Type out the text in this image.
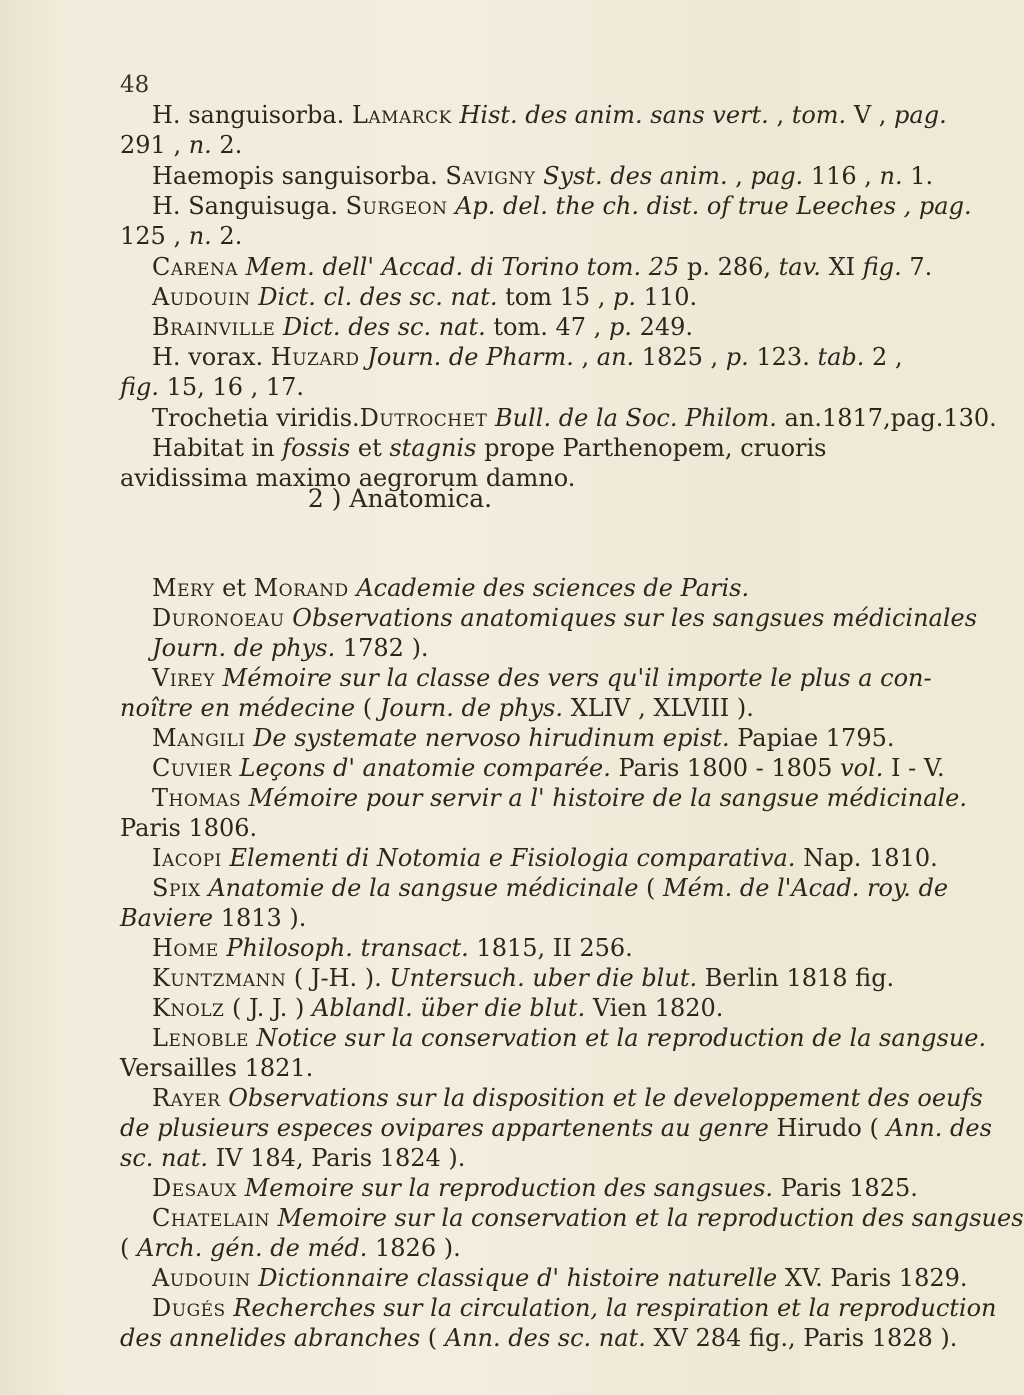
48
2 ) Anatomica.
H. sanguisorba. Lamarck Hist. des anim. sans vert. , tom. V , pag.
291 , n. 2.
Haemopis sanguisorba. Savigny Syst. des anim. , pag. 116 , n. 1.
H. Sanguisuga. Surgeon Ap. del. the ch. dist. of true Leeches , pag.
125 , n. 2.
Carena Mem. dell' Accad. di Torino tom. 25 p. 286, tav. XI fig. 7.
Audouin Dict. cl. des sc. nat. tom 15 , p. 110.
Brainville Dict. des sc. nat. tom. 47 , p. 249.
H. vorax. Huzard Journ. de Pharm. , an. 1825 , p. 123. tab. 2 ,
fig. 15, 16 , 17.
Trochetia viridis.Dutrochet Bull. de la Soc. Philom. an.1817,pag.130.
Habitat in fossis et stagnis prope Parthenopem, cruoris
avidissima maximo aegrorum damno.
Mery et Morand Academie des sciences de Paris.
Duronoeau Observations anatomiques sur les sangsues médicinales
Journ. de phys. 1782 ).
Virey Mémoire sur la classe des vers qu'il importe le plus a con-
noître en médecine ( Journ. de phys. XLIV , XLVIII ).
Mangili De systemate nervoso hirudinum epist. Papiae 1795.
Cuvier Leçons d' anatomie comparée. Paris 1800 - 1805 vol. I - V.
Thomas Mémoire pour servir a l' histoire de la sangsue médicinale.
Paris 1806.
Iacopi Elementi di Notomia e Fisiologia comparativa. Nap. 1810.
Spix Anatomie de la sangsue médicinale ( Mém. de l'Acad. roy. de
Baviere 1813 ).
Home Philosoph. transact. 1815, II 256.
Kuntzmann ( J-H. ). Untersuch. uber die blut. Berlin 1818 fig.
Knolz ( J. J. ) Ablandl. über die blut. Vien 1820.
Lenoble Notice sur la conservation et la reproduction de la sangsue.
Versailles 1821.
Rayer Observations sur la disposition et le developpement des oeufs
de plusieurs especes ovipares appartenents au genre Hirudo ( Ann. des
sc. nat. IV 184, Paris 1824 ).
Desaux Memoire sur la reproduction des sangsues. Paris 1825.
Chatelain Memoire sur la conservation et la reproduction des sangsues
( Arch. gén. de méd. 1826 ).
Audouin Dictionnaire classique d' histoire naturelle XV. Paris 1829.
Dugés Recherches sur la circulation, la respiration et la reproduction
des annelides abranches ( Ann. des sc. nat. XV 284 fig., Paris 1828 ).
